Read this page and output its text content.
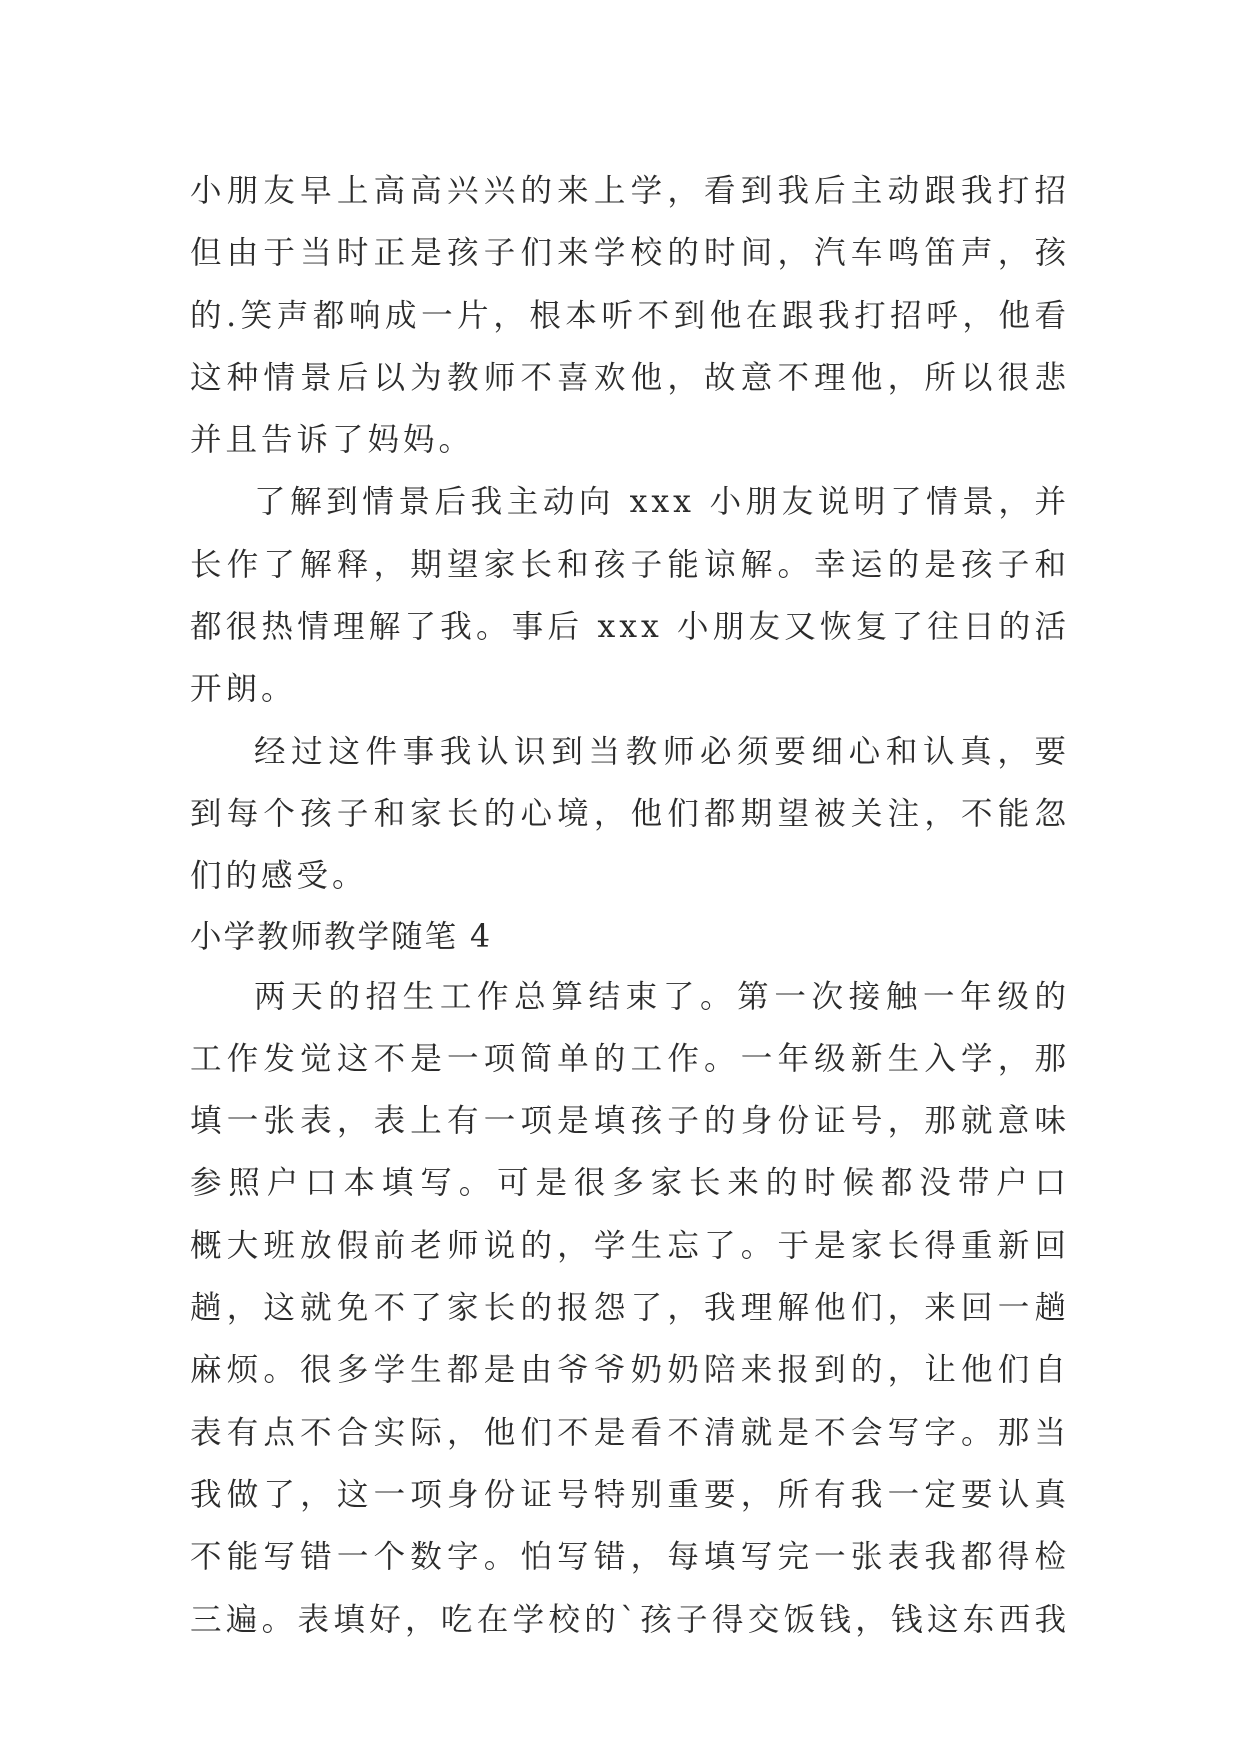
小朋友早上高高兴兴的来上学，看到我后主动跟我打招
但由于当时正是孩子们来学校的时间，汽车鸣笛声，孩
的.笑声都响成一片，根本听不到他在跟我打招呼，他看
这种情景后以为教师不喜欢他，故意不理他，所以很悲
并且告诉了妈妈。
了解到情景后我主动向 xxx 小朋友说明了情景，并
长作了解释，期望家长和孩子能谅解。幸运的是孩子和
都很热情理解了我。事后 xxx 小朋友又恢复了往日的活
开朗。
经过这件事我认识到当教师必须要细心和认真，要
到每个孩子和家长的心境，他们都期望被关注，不能忽
们的感受。
小学教师教学随笔 4
两天的招生工作总算结束了。第一次接触一年级的
工作发觉这不是一项简单的工作。一年级新生入学，那
填一张表，表上有一项是填孩子的身份证号，那就意味
参照户口本填写。可是很多家长来的时候都没带户口
概大班放假前老师说的，学生忘了。于是家长得重新回
趟，这就免不了家长的报怨了，我理解他们，来回一趟
麻烦。很多学生都是由爷爷奶奶陪来报到的，让他们自
表有点不合实际，他们不是看不清就是不会写字。那当
我做了，这一项身份证号特别重要，所有我一定要认真
不能写错一个数字。怕写错，每填写完一张表我都得检
三遍。表填好，吃在学校的`孩子得交饭钱，钱这东西我
